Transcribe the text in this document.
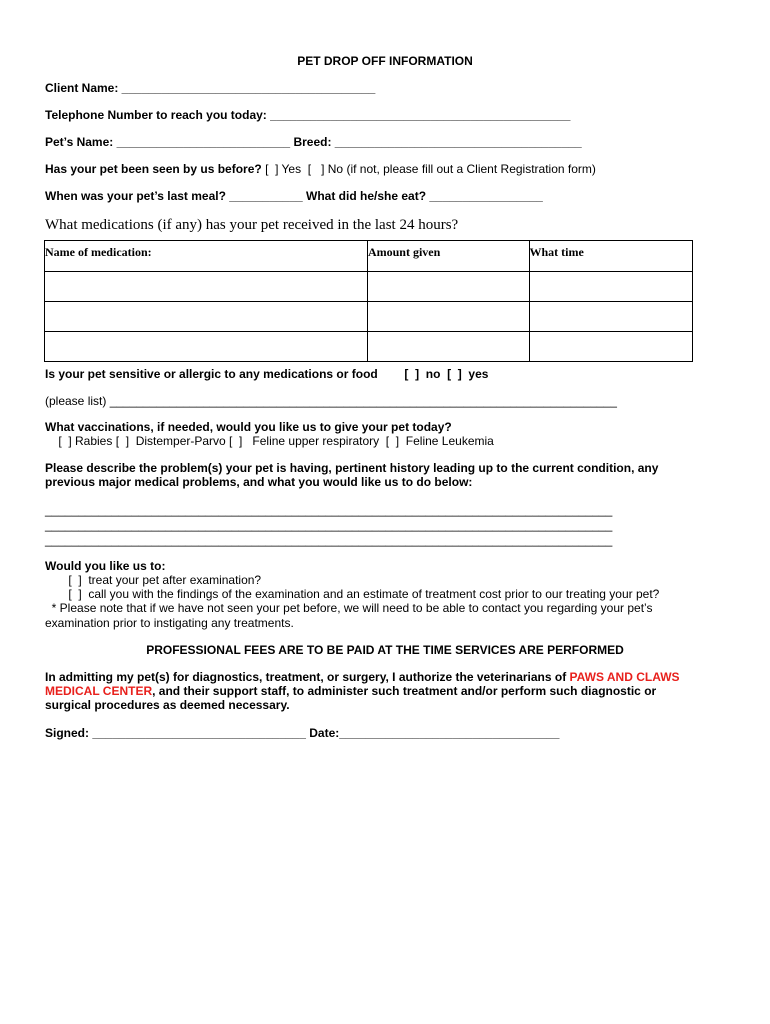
PET DROP OFF INFORMATION
Client Name: ______________________________________
Telephone Number to reach you today: _____________________________________________
Pet’s Name: __________________________ Breed: _____________________________________
Has your pet been seen by us before? [  ] Yes  [   ] No (if not, please fill out a Client Registration form)
When was your pet’s last meal? ___________ What did he/she eat? _________________
What medications (if any) has your pet received in the last 24 hours?
Name of medication:	Amount given	What time

Is your pet sensitive or allergic to any medications or food        [  ]  no  [  ]  yes
(please list) ____________________________________________________________________________
What vaccinations, if needed, would you like us to give your pet today?
[  ] Rabies [  ]  Distemper-Parvo [  ]   Feline upper respiratory  [  ]  Feline Leukemia
Please describe the problem(s) your pet is having, pertinent history leading up to the current condition, any
previous major medical problems, and what you would like us to do below:
_____________________________________________________________________________________
_____________________________________________________________________________________
_____________________________________________________________________________________
Would you like us to:
[  ]  treat your pet after examination?
[  ]  call you with the findings of the examination and an estimate of treatment cost prior to our treating your pet?
* Please note that if we have not seen your pet before, we will need to be able to contact you regarding your pet’s
examination prior to instigating any treatments.
PROFESSIONAL FEES ARE TO BE PAID AT THE TIME SERVICES ARE PERFORMED
In admitting my pet(s) for diagnostics, treatment, or surgery, I authorize the veterinarians of PAWS AND CLAWS
MEDICAL CENTER, and their support staff, to administer such treatment and/or perform such diagnostic or
surgical procedures as deemed necessary.
Signed: ________________________________ Date:_________________________________
